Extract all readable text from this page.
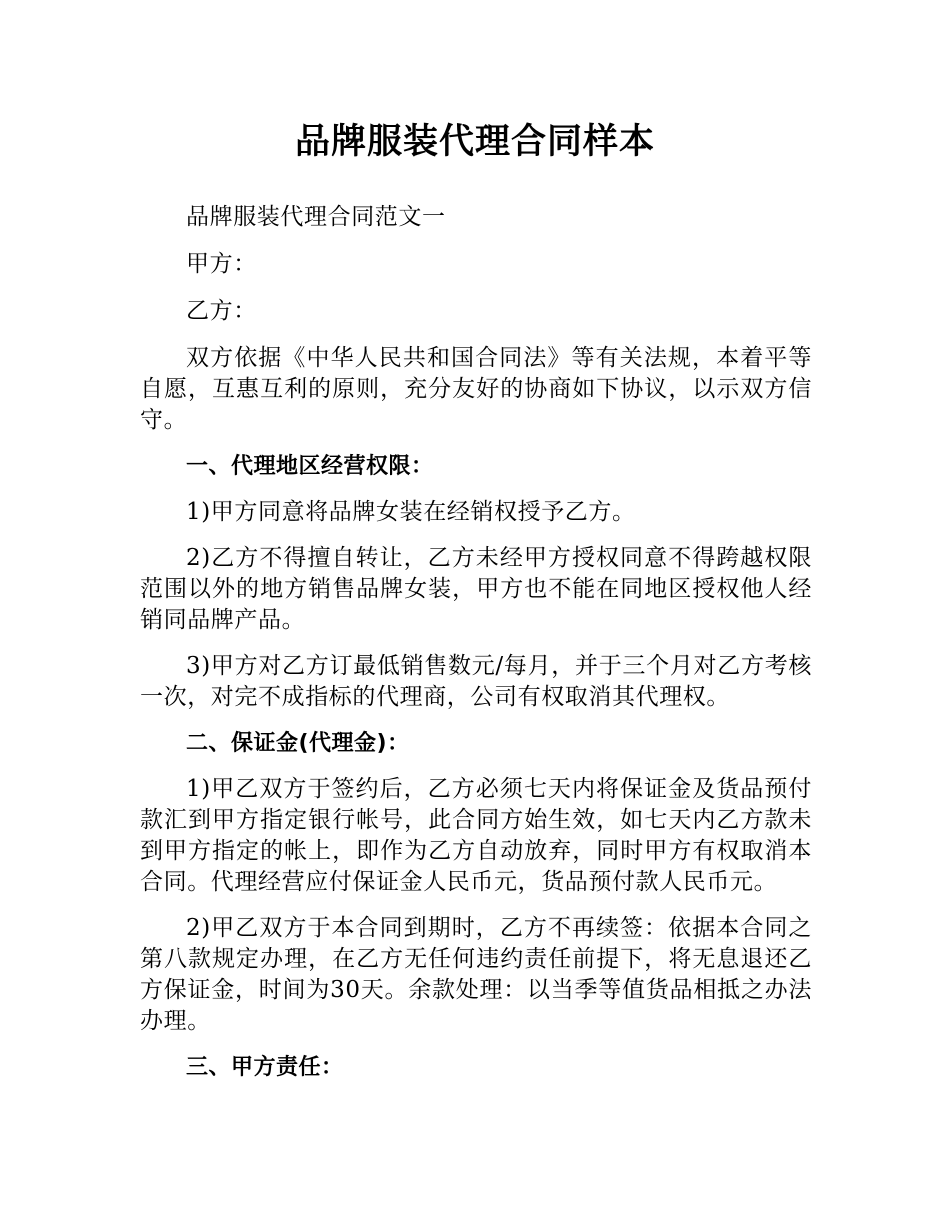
品牌服装代理合同样本

品牌服装代理合同范文一

甲方：

乙方：

双方依据《中华人民共和国合同法》等有关法规，本着平等自愿，互惠互利的原则，充分友好的协商如下协议，以示双方信守。

一、代理地区经营权限：

1)甲方同意将品牌女装在经销权授予乙方。

2)乙方不得擅自转让，乙方未经甲方授权同意不得跨越权限范围以外的地方销售品牌女装，甲方也不能在同地区授权他人经销同品牌产品。

3)甲方对乙方订最低销售数元/每月，并于三个月对乙方考核一次，对完不成指标的代理商，公司有权取消其代理权。

二、保证金(代理金)：

1)甲乙双方于签约后，乙方必须七天内将保证金及货品预付款汇到甲方指定银行帐号，此合同方始生效，如七天内乙方款未到甲方指定的帐上，即作为乙方自动放弃，同时甲方有权取消本合同。代理经营应付保证金人民币元，货品预付款人民币元。

2)甲乙双方于本合同到期时，乙方不再续签：依据本合同之第八款规定办理，在乙方无任何违约责任前提下，将无息退还乙方保证金，时间为30天。余款处理：以当季等值货品相抵之办法办理。

三、甲方责任：
